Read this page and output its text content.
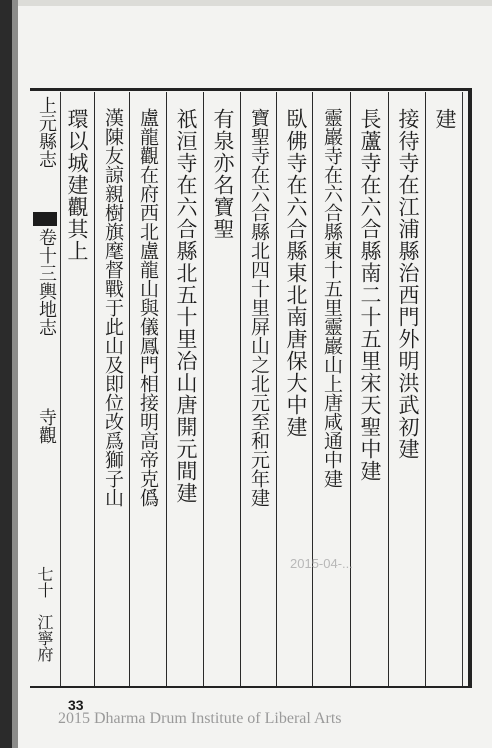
建
接待寺在江浦縣治西門外明洪武初建
長蘆寺在六合縣南二十五里宋天聖中建
靈巖寺在六合縣東十五里靈巖山上唐咸通中建
臥佛寺在六合縣東北南唐保大中建
寶聖寺在六合縣北四十里屏山之北元至和元年建
有泉亦名寶聖
祇洹寺在六合縣北五十里冶山唐開元間建
盧龍觀在府西北盧龍山與儀鳳門相接明高帝克僞
漢陳友諒親樹旗麾督戰于此山及即位改爲獅子山
環以城建觀其上
上元縣志
卷十三輿地志
寺觀
七十
江寧府
2015-04-...
33
2015 Dharma Drum Institute of Liberal Arts
